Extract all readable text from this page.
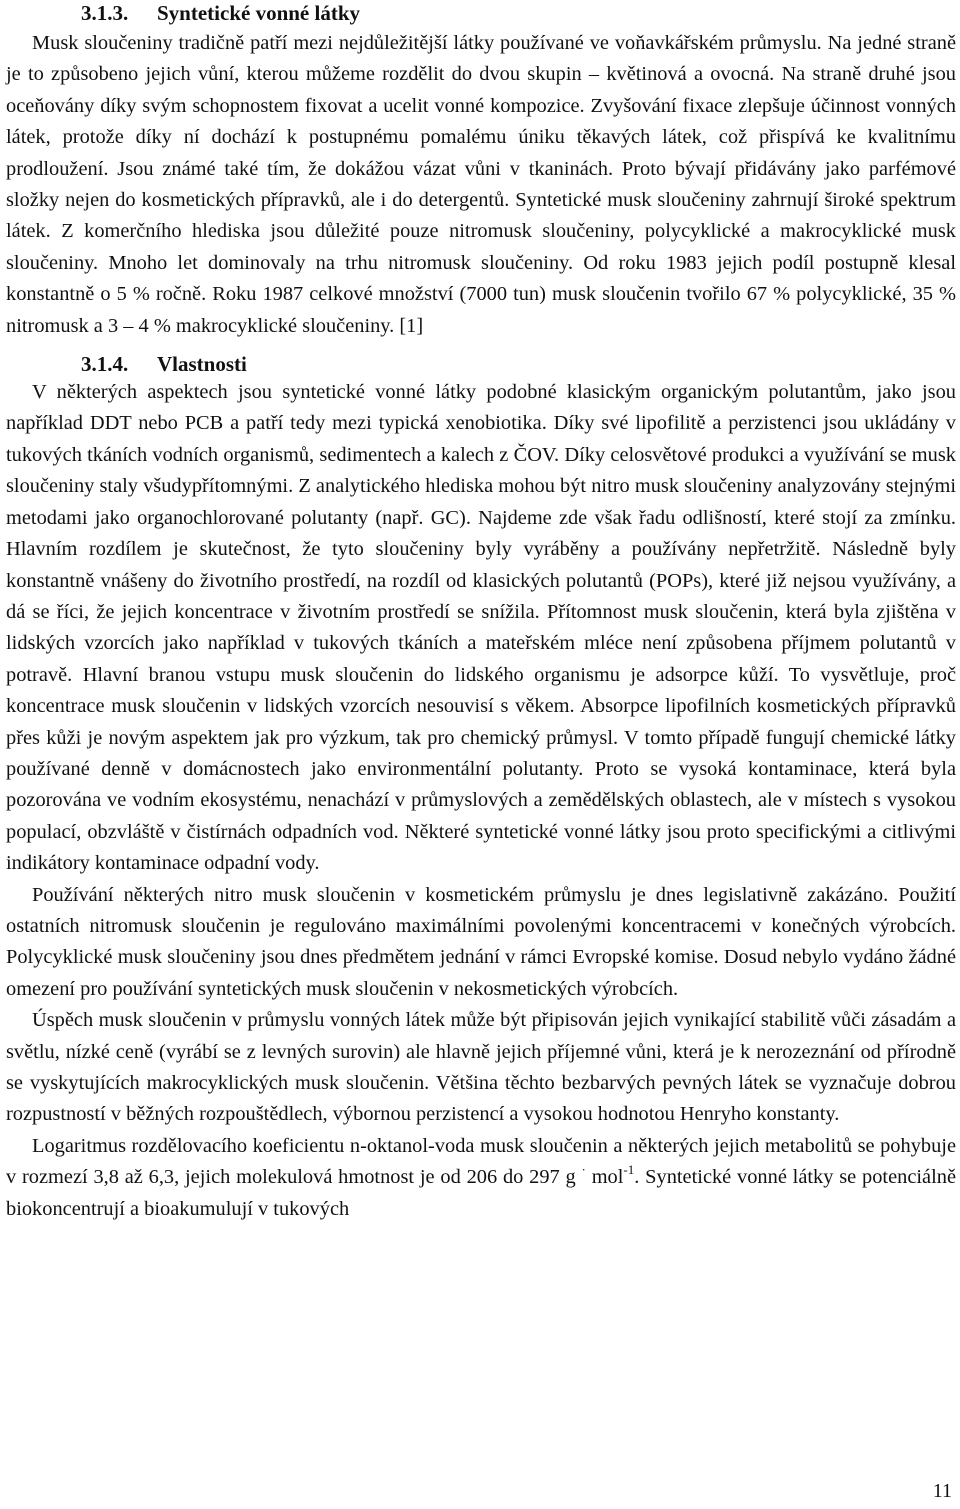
3.1.3. Syntetické vonné látky

Musk sloučeniny tradičně patří mezi nejdůležitější látky používané ve voňavkářském průmyslu. Na jedné straně je to způsobeno jejich vůní, kterou můžeme rozdělit do dvou skupin – květinová a ovocná. Na straně druhé jsou oceňovány díky svým schopnostem fixovat a ucelit vonné kompozice. Zvyšování fixace zlepšuje účinnost vonných látek, protože díky ní dochází k postupnému pomalému úniku těkavých látek, což přispívá ke kvalitnímu prodloužení. Jsou známé také tím, že dokážou vázat vůni v tkaninách. Proto bývají přidávány jako parfémové složky nejen do kosmetických přípravků, ale i do detergentů. Syntetické musk sloučeniny zahrnují široké spektrum látek. Z komerčního hlediska jsou důležité pouze nitromusk sloučeniny, polycyklické a makrocyklické musk sloučeniny. Mnoho let dominovaly na trhu nitromusk sloučeniny. Od roku 1983 jejich podíl postupně klesal konstantně o 5 % ročně. Roku 1987 celkové množství (7000 tun) musk sloučenin tvořilo 67 % polycyklické, 35 % nitromusk a 3 – 4 % makrocyklické sloučeniny. [1]

3.1.4. Vlastnosti

V některých aspektech jsou syntetické vonné látky podobné klasickým organickým polutantům, jako jsou například DDT nebo PCB a patří tedy mezi typická xenobiotika. Díky své lipofilitě a perzistenci jsou ukládány v tukových tkáních vodních organismů, sedimentech a kalech z ČOV. Díky celosvětové produkci a využívání se musk sloučeniny staly všudypřítomnými. Z analytického hlediska mohou být nitro musk sloučeniny analyzovány stejnými metodami jako organochlorované polutanty (např. GC). Najdeme zde však řadu odlišností, které stojí za zmínku. Hlavním rozdílem je skutečnost, že tyto sloučeniny byly vyráběny a používány nepřetržitě. Následně byly konstantně vnášeny do životního prostředí, na rozdíl od klasických polutantů (POPs), které již nejsou využívány, a dá se říci, že jejich koncentrace v životním prostředí se snížila. Přítomnost musk sloučenin, která byla zjištěna v lidských vzorcích jako například v tukových tkáních a mateřském mléce není způsobena příjmem polutantů v potravě. Hlavní branou vstupu musk sloučenin do lidského organismu je adsorpce kůží. To vysvětluje, proč koncentrace musk sloučenin v lidských vzorcích nesouvisí s věkem. Absorpce lipofilních kosmetických přípravků přes kůži je novým aspektem jak pro výzkum, tak pro chemický průmysl. V tomto případě fungují chemické látky používané denně v domácnostech jako environmentální polutanty. Proto se vysoká kontaminace, která byla pozorována ve vodním ekosystému, nenachází v průmyslových a zemědělských oblastech, ale v místech s vysokou populací, obzvláště v čistírnách odpadních vod. Některé syntetické vonné látky jsou proto specifickými a citlivými indikátory kontaminace odpadní vody.

Používání některých nitro musk sloučenin v kosmetickém průmyslu je dnes legislativně zakázáno. Použití ostatních nitromusk sloučenin je regulováno maximálními povolenými koncentracemi v konečných výrobcích. Polycyklické musk sloučeniny jsou dnes předmětem jednání v rámci Evropské komise. Dosud nebylo vydáno žádné omezení pro používání syntetických musk sloučenin v nekosmetických výrobcích.

Úspěch musk sloučenin v průmyslu vonných látek může být připisován jejich vynikající stabilitě vůči zásadám a světlu, nízké ceně (vyrábí se z levných surovin) ale hlavně jejich příjemné vůni, která je k nerozeznání od přírodně se vyskytujících makrocyklických musk sloučenin. Většina těchto bezbarvých pevných látek se vyznačuje dobrou rozpustností v běžných rozpouštědlech, výbornou perzistencí a vysokou hodnotou Henryho konstanty.

Logaritmus rozdělovacího koeficientu n-oktanol-voda musk sloučenin a některých jejich metabolitů se pohybuje v rozmezí 3,8 až 6,3, jejich molekulová hmotnost je od 206 do 297 g · mol$^{-1}$. Syntetické vonné látky se potenciálně biokoncentrují a bioakumulují v tukových

11
